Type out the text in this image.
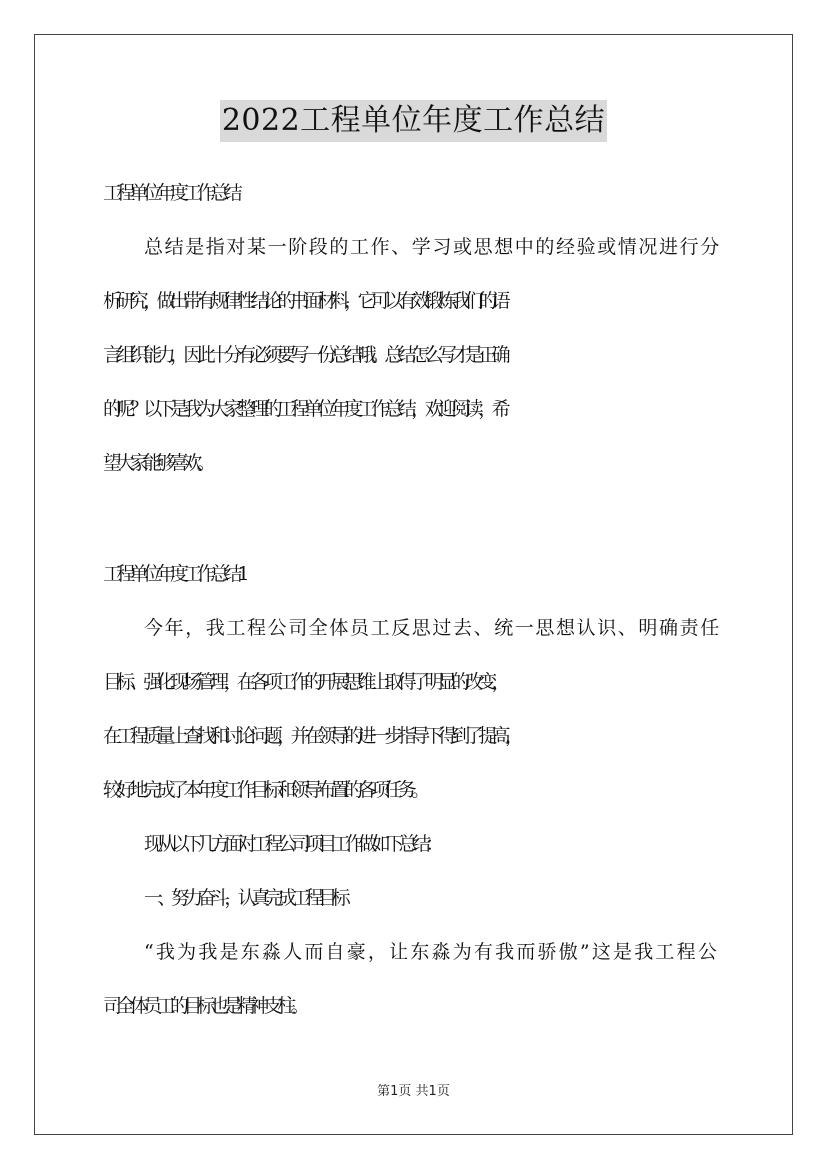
2022工程单位年度工作总结
工程单位年度工作总结
总结是指对某一阶段的工作、学习或思想中的经验或情况进行分
析研究，做出带有规律性结论的书面材料，它可以有效锻炼我们的语
言组织能力，因此十分有必须要写一份总结哦。总结怎么写才是正确
的呢？以下是我为大家整理的工程单位年度工作总结，欢迎阅读，希
望大家能够喜欢。
工程单位年度工作总结 1
今年，我工程公司全体员工反思过去、统一思想认识、明确责任
目标、强化现场管理，在各项工作的开展思维上取得了明显的改变，
在工程质量上查找和讨论问题，并在领导的进一步指导下得到了提高，
较好地完成了本年度工作目标和领导布置的各项任务。
现从以下几方面对工程公司项目工作做如下总结：
一、努力奋斗，认真完成工程目标
“我为我是东淼人而自豪，让东淼为有我而骄傲”这是我工程公
司全体员工的目标也是精神支柱。
第1页 共1页
